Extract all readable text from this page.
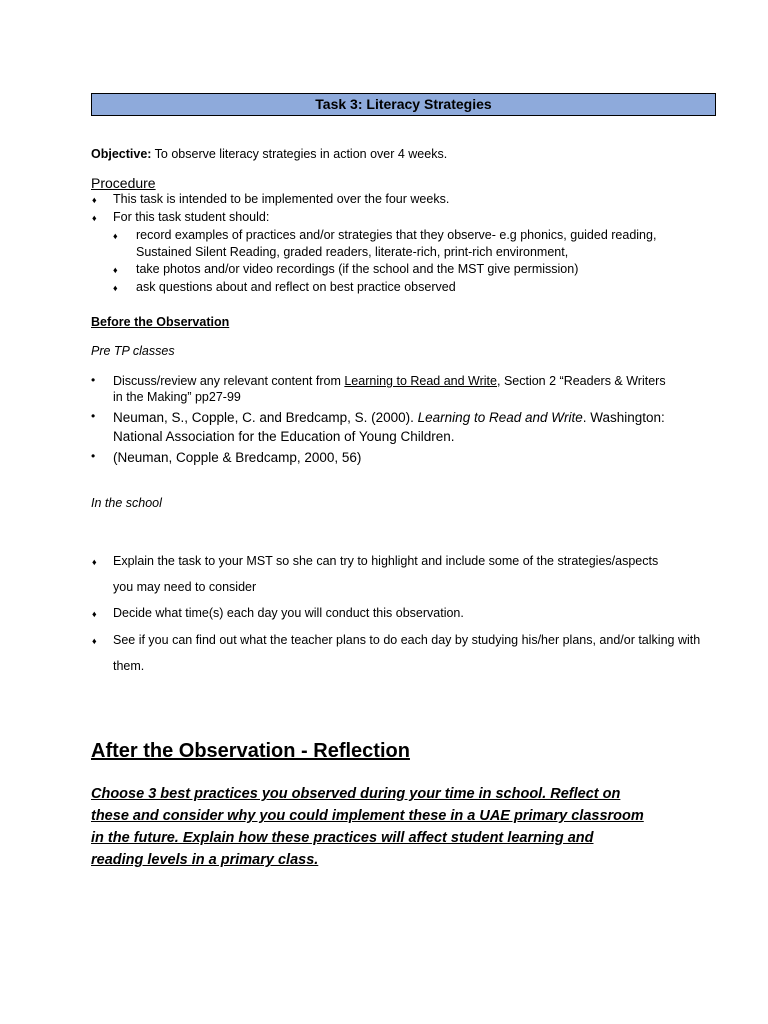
Task 3: Literacy Strategies
Objective: To observe literacy strategies in action over 4 weeks.
Procedure
♦ This task is intended to be implemented over the four weeks.
♦ For this task student should:
♦ record examples of practices and/or strategies that they observe- e.g phonics, guided reading,
Sustained Silent Reading, graded readers, literate-rich, print-rich environment,
♦ take photos and/or video recordings (if the school and the MST give permission)
♦ ask questions about and reflect on best practice observed
Before the Observation
Pre TP classes
• Discuss/review any relevant content from Learning to Read and Write, Section 2 “Readers & Writers
in the Making” pp27-99
• Neuman, S., Copple, C. and Bredcamp, S. (2000). Learning to Read and Write. Washington:
National Association for the Education of Young Children.
• (Neuman, Copple & Bredcamp, 2000, 56)
In the school
♦ Explain the task to your MST so she can try to highlight and include some of the strategies/aspects
you may need to consider
♦ Decide what time(s) each day you will conduct this observation.
♦ See if you can find out what the teacher plans to do each day by studying his/her plans, and/or talking with
them.
After the Observation - Reflection
Choose 3 best practices you observed during your time in school. Reflect on
these and consider why you could implement these in a UAE primary classroom
in the future. Explain how these practices will affect student learning and
reading levels in a primary class.
